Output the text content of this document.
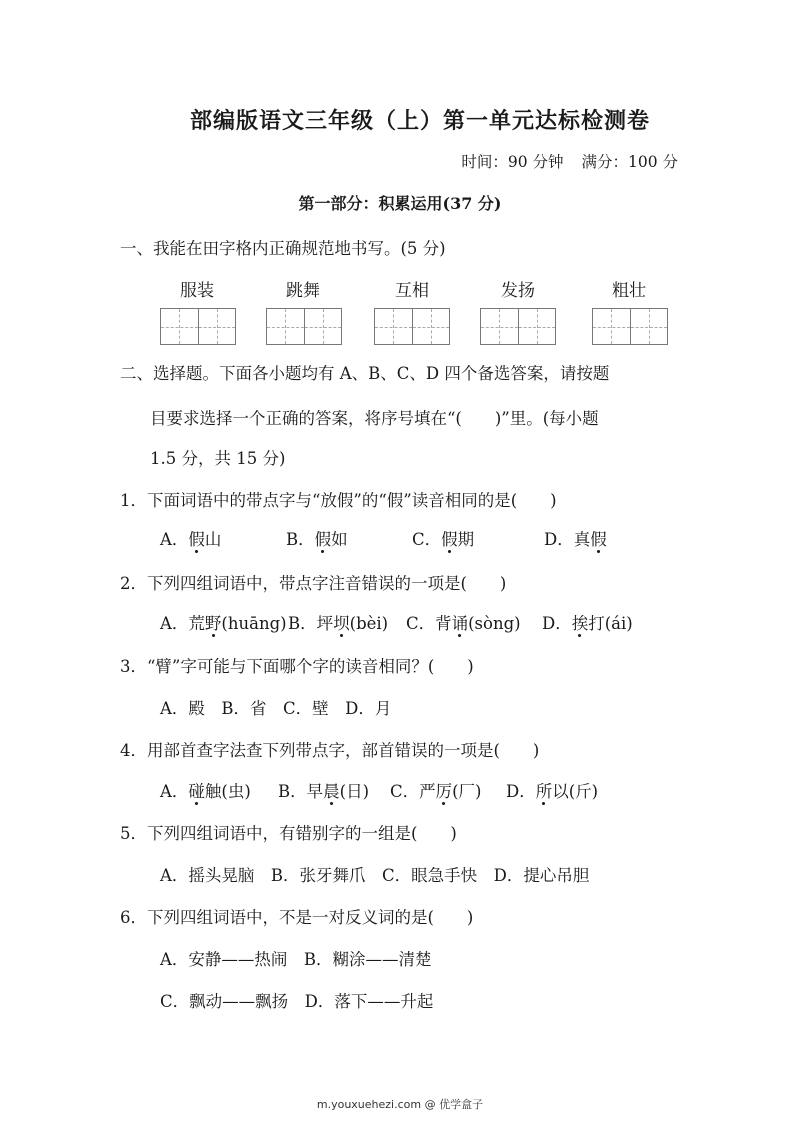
部编版语文三年级（上）第一单元达标检测卷
时间：90 分钟 满分：100 分
第一部分：积累运用(37 分)
一、我能在田字格内正确规范地书写。(5 分)
服装	跳舞	互相	发扬	粗壮
二、选择题。下面各小题均有 A、B、C、D 四个备选答案，请按题
目要求选择一个正确的答案，将序号填在“(　　)”里。(每小题
1.5 分，共 15 分)
1．下面词语中的带点字与“放假”的“假”读音相同的是(　　)
A．假山	B．假如	C．假期	D．真假
2．下列四组词语中，带点字注音错误的一项是(　　)
A．荒野(huāng)B．坪坝(bèi) C．背诵(sòng) D．挨打(ái)
3．“臂”字可能与下面哪个字的读音相同？(　　)
A．殿　B．省　C．壁　D．月
4．用部首查字法查下列带点字，部首错误的一项是(　　)
A．碰触(虫) B．早晨(日) C．严厉(厂) D．所以(斤)
5．下列四组词语中，有错别字的一组是(　　)
A．摇头晃脑　B．张牙舞爪　C．眼急手快　D．提心吊胆
6．下列四组词语中，不是一对反义词的是(　　)
A．安静——热闹　B．糊涂——清楚
C．飘动——飘扬　D．落下——升起
m.youxuehezi.com @ 优学盒子
